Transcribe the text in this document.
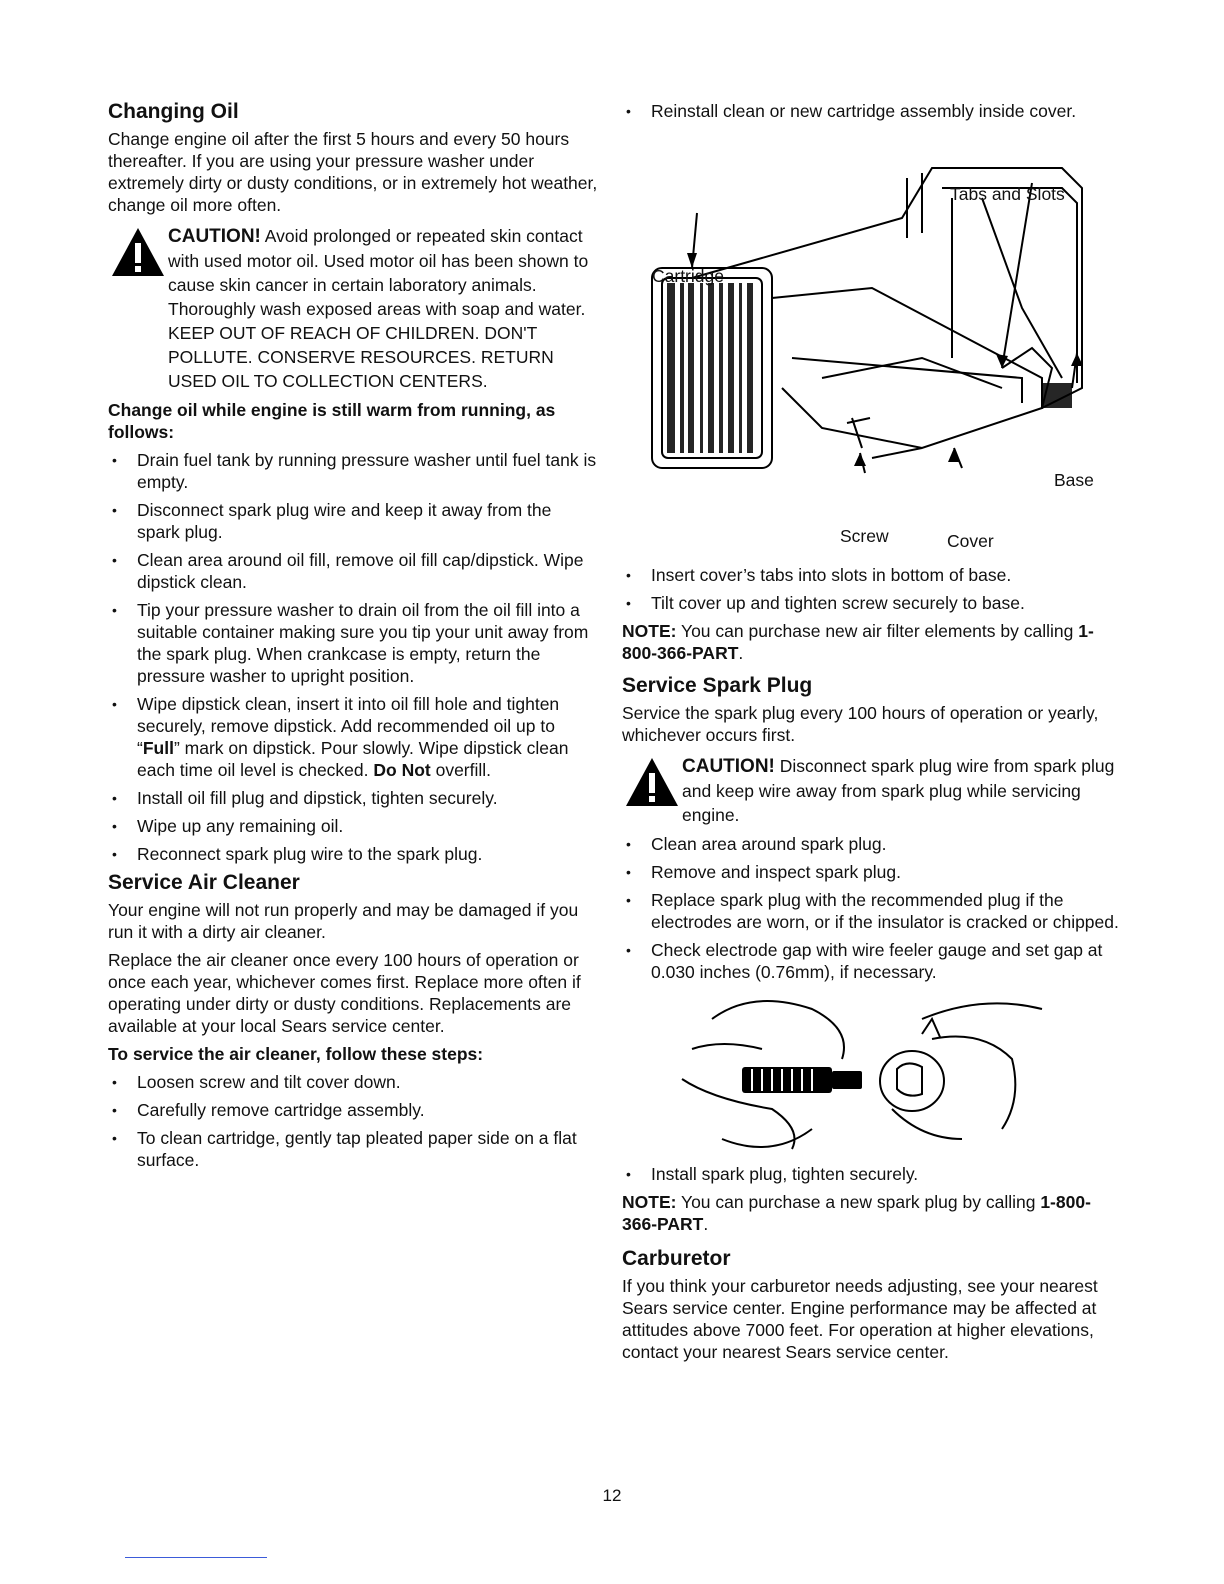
Changing Oil

Change engine oil after the first 5 hours and every 50 hours thereafter. If you are using your pressure washer under extremely dirty or dusty conditions, or in extremely hot weather, change oil more often.

CAUTION! Avoid prolonged or repeated skin contact with used motor oil. Used motor oil has been shown to cause skin cancer in certain laboratory animals. Thoroughly wash exposed areas with soap and water.

KEEP OUT OF REACH OF CHILDREN. DON'T POLLUTE. CONSERVE RESOURCES. RETURN USED OIL TO COLLECTION CENTERS.

Change oil while engine is still warm from running, as follows:
• Drain fuel tank by running pressure washer until fuel tank is empty.
• Disconnect spark plug wire and keep it away from the spark plug.
• Clean area around oil fill, remove oil fill cap/dipstick. Wipe dipstick clean.
• Tip your pressure washer to drain oil from the oil fill into a suitable container making sure you tip your unit away from the spark plug. When crankcase is empty, return the pressure washer to upright position.
• Wipe dipstick clean, insert it into oil fill hole and tighten securely, remove dipstick. Add recommended oil up to “Full” mark on dipstick. Pour slowly. Wipe dipstick clean each time oil level is checked. Do Not overfill.
• Install oil fill plug and dipstick, tighten securely.
• Wipe up any remaining oil.
• Reconnect spark plug wire to the spark plug.
Service Air Cleaner

Your engine will not run properly and may be damaged if you run it with a dirty air cleaner.

Replace the air cleaner once every 100 hours of operation or once each year, whichever comes first. Replace more often if operating under dirty or dusty conditions. Replacements are available at your local Sears service center.

To service the air cleaner, follow these steps:
• Loosen screw and tilt cover down.
• Carefully remove cartridge assembly.
• To clean cartridge, gently tap pleated paper side on a flat surface.
• Reinstall clean or new cartridge assembly inside cover.
Tabs and Slots
Cartridge
Base
Screw	Cover
• Insert cover’s tabs into slots in bottom of base.
• Tilt cover up and tighten screw securely to base.

NOTE: You can purchase new air filter elements by calling 1-800-366-PART.

Service Spark Plug

Service the spark plug every 100 hours of operation or yearly, whichever occurs first.

CAUTION! Disconnect spark plug wire from spark plug and keep wire away from spark plug while servicing engine.

• Clean area around spark plug.
• Remove and inspect spark plug.
• Replace spark plug with the recommended plug if the electrodes are worn, or if the insulator is cracked or chipped.
• Check electrode gap with wire feeler gauge and set gap at 0.030 inches (0.76mm), if necessary.
• Install spark plug, tighten securely.

NOTE: You can purchase a new spark plug by calling 1-800-366-PART.

Carburetor

If you think your carburetor needs adjusting, see your nearest Sears service center. Engine performance may be affected at attitudes above 7000 feet. For operation at higher elevations, contact your nearest Sears service center.

12
